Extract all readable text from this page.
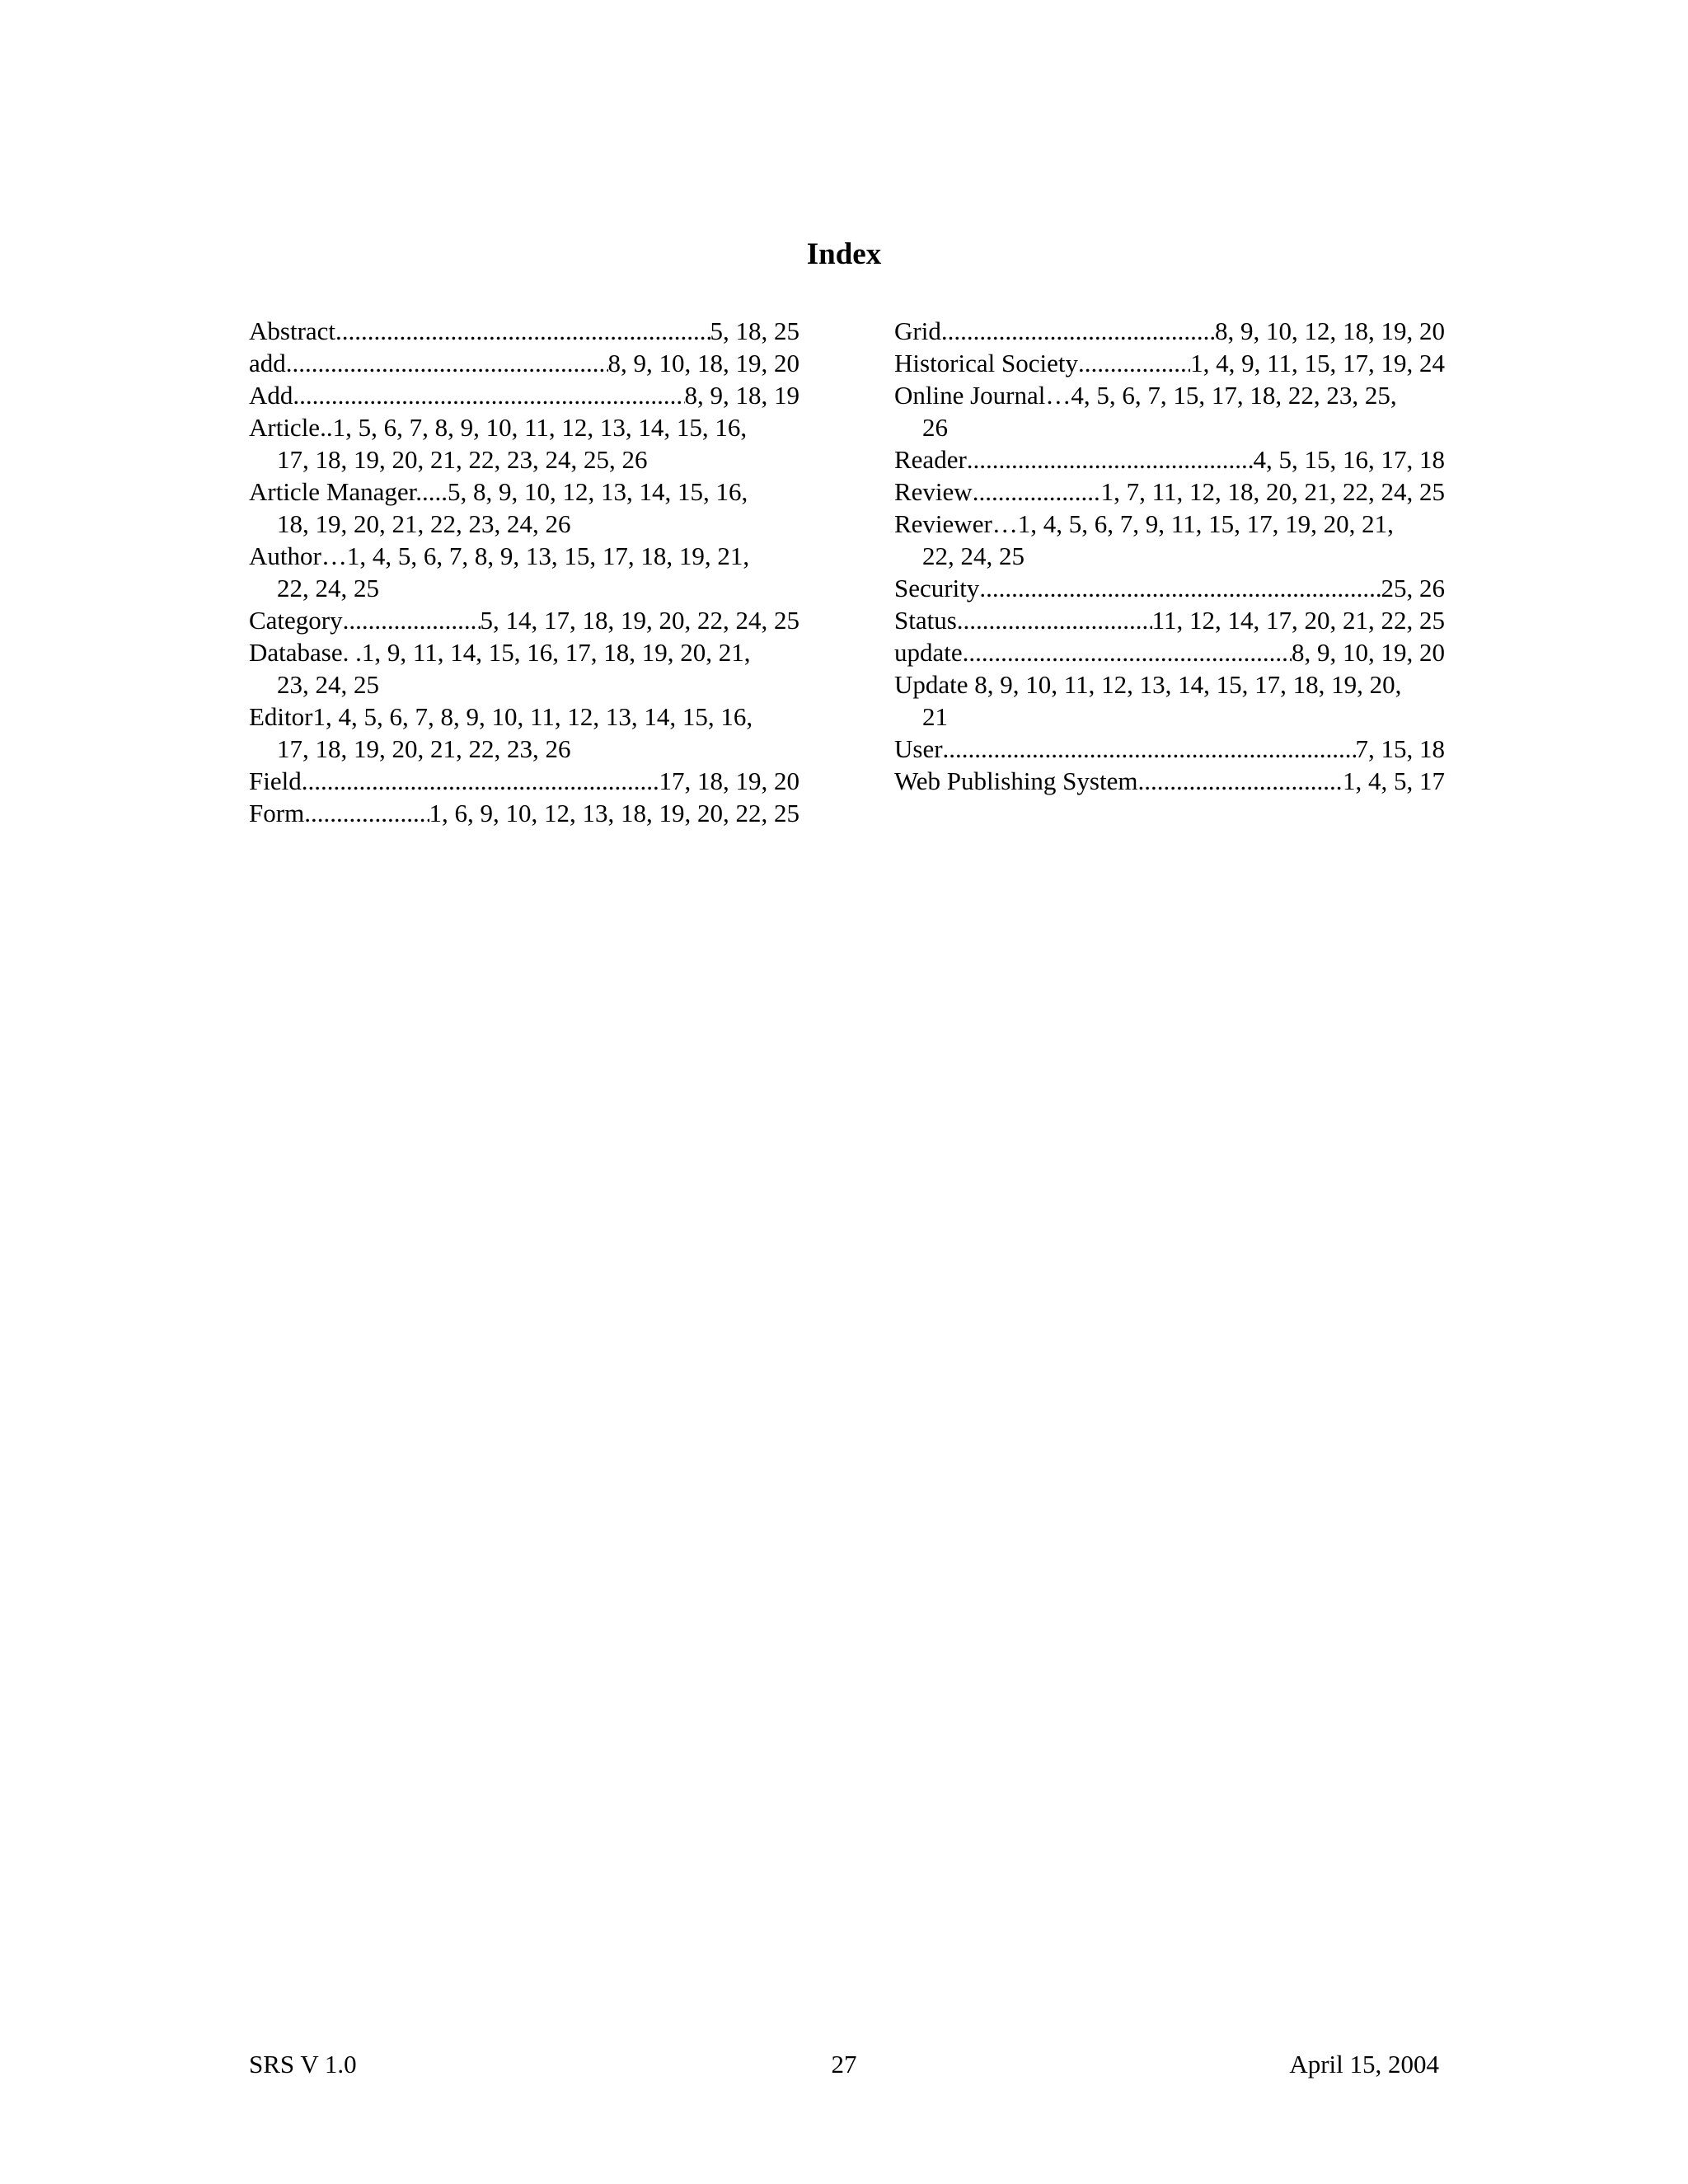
Index
Abstract .....	5, 18, 25
add .....	8, 9, 10, 18, 19, 20
Add .....	8, 9, 18, 19
Article..1, 5, 6, 7, 8, 9, 10, 11, 12, 13, 14, 15, 16,
17, 18, 19, 20, 21, 22, 23, 24, 25, 26
Article Manager.....5, 8, 9, 10, 12, 13, 14, 15, 16,
18, 19, 20, 21, 22, 23, 24, 26
Author…1, 4, 5, 6, 7, 8, 9, 13, 15, 17, 18, 19, 21,
22, 24, 25
Category .....	5, 14, 17, 18, 19, 20, 22, 24, 25
Database. .1, 9, 11, 14, 15, 16, 17, 18, 19, 20, 21,
23, 24, 25
Editor1, 4, 5, 6, 7, 8, 9, 10, 11, 12, 13, 14, 15, 16,
17, 18, 19, 20, 21, 22, 23, 26
Field .....	17, 18, 19, 20
Form .....	1, 6, 9, 10, 12, 13, 18, 19, 20, 22, 25
Grid .....	8, 9, 10, 12, 18, 19, 20
Historical Society .....	1, 4, 9, 11, 15, 17, 19, 24
Online Journal…4, 5, 6, 7, 15, 17, 18, 22, 23, 25,
26
Reader .....	4, 5, 15, 16, 17, 18
Review .....	1, 7, 11, 12, 18, 20, 21, 22, 24, 25
Reviewer…1, 4, 5, 6, 7, 9, 11, 15, 17, 19, 20, 21,
22, 24, 25
Security .....	25, 26
Status .....	11, 12, 14, 17, 20, 21, 22, 25
update .....	8, 9, 10, 19, 20
Update 8, 9, 10, 11, 12, 13, 14, 15, 17, 18, 19, 20,
21
User .....	7, 15, 18
Web Publishing System .....	1, 4, 5, 17
SRS V 1.0	27	April 15, 2004
